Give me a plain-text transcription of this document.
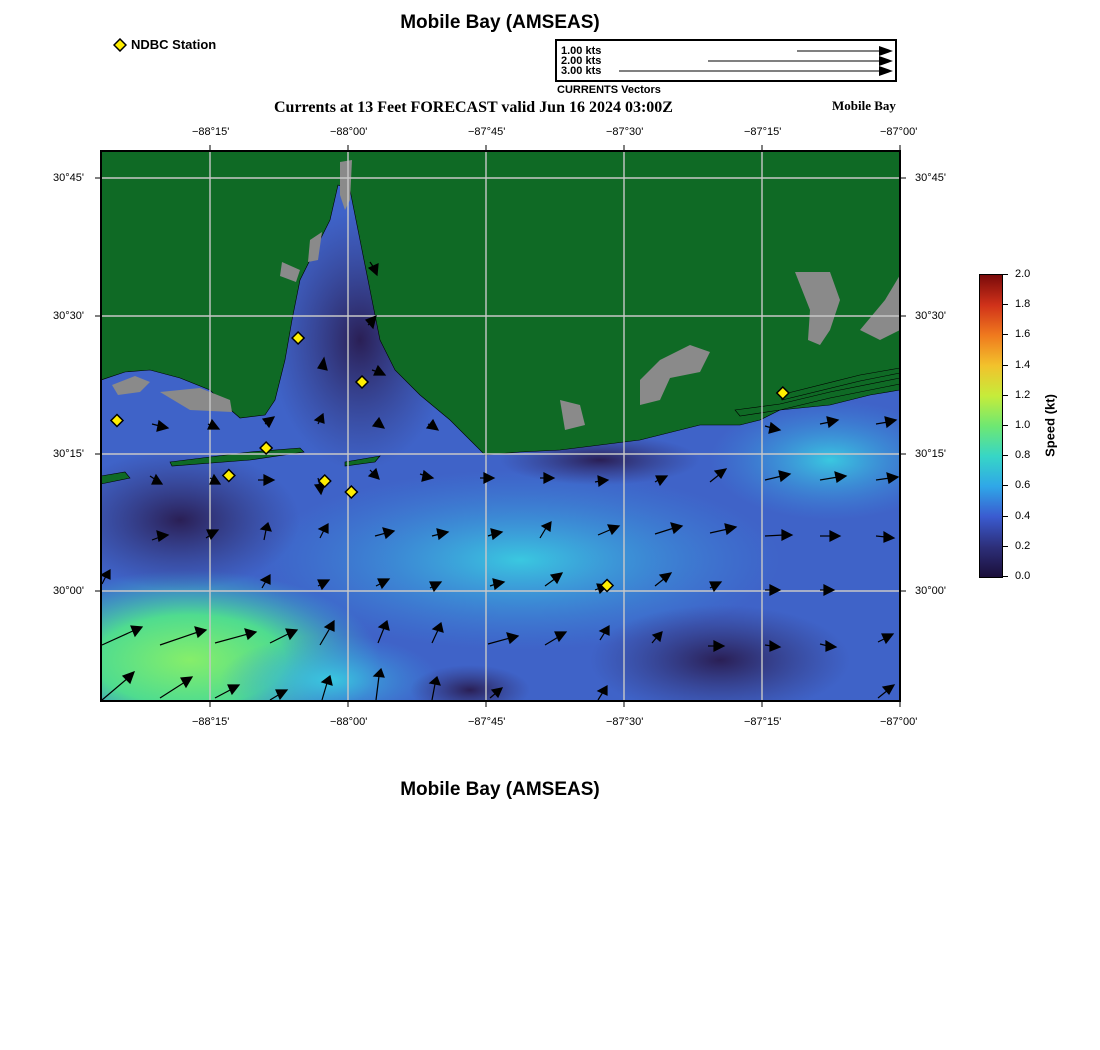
Mobile Bay (AMSEAS)
Mobile Bay (AMSEAS)
Currents at 13 Feet FORECAST valid Jun 16 2024 03:00Z	Mobile Bay
NDBC Station	1.00 kts
2.00 kts
3.00 kts
CURRENTS Vectors
−88°15'	−88°00'	−87°45'	−87°30'	−87°15'	−87°00'
−88°15'	−88°00'	−87°45'	−87°30'	−87°15'	−87°00'
30°45'
30°30'
30°15'
30°00'
30°45'
30°30'
30°15'
30°00'
0.0
0.2
0.4
0.6
0.8
1.0
1.2
1.4
1.6
1.8
2.0
Speed (kt)
